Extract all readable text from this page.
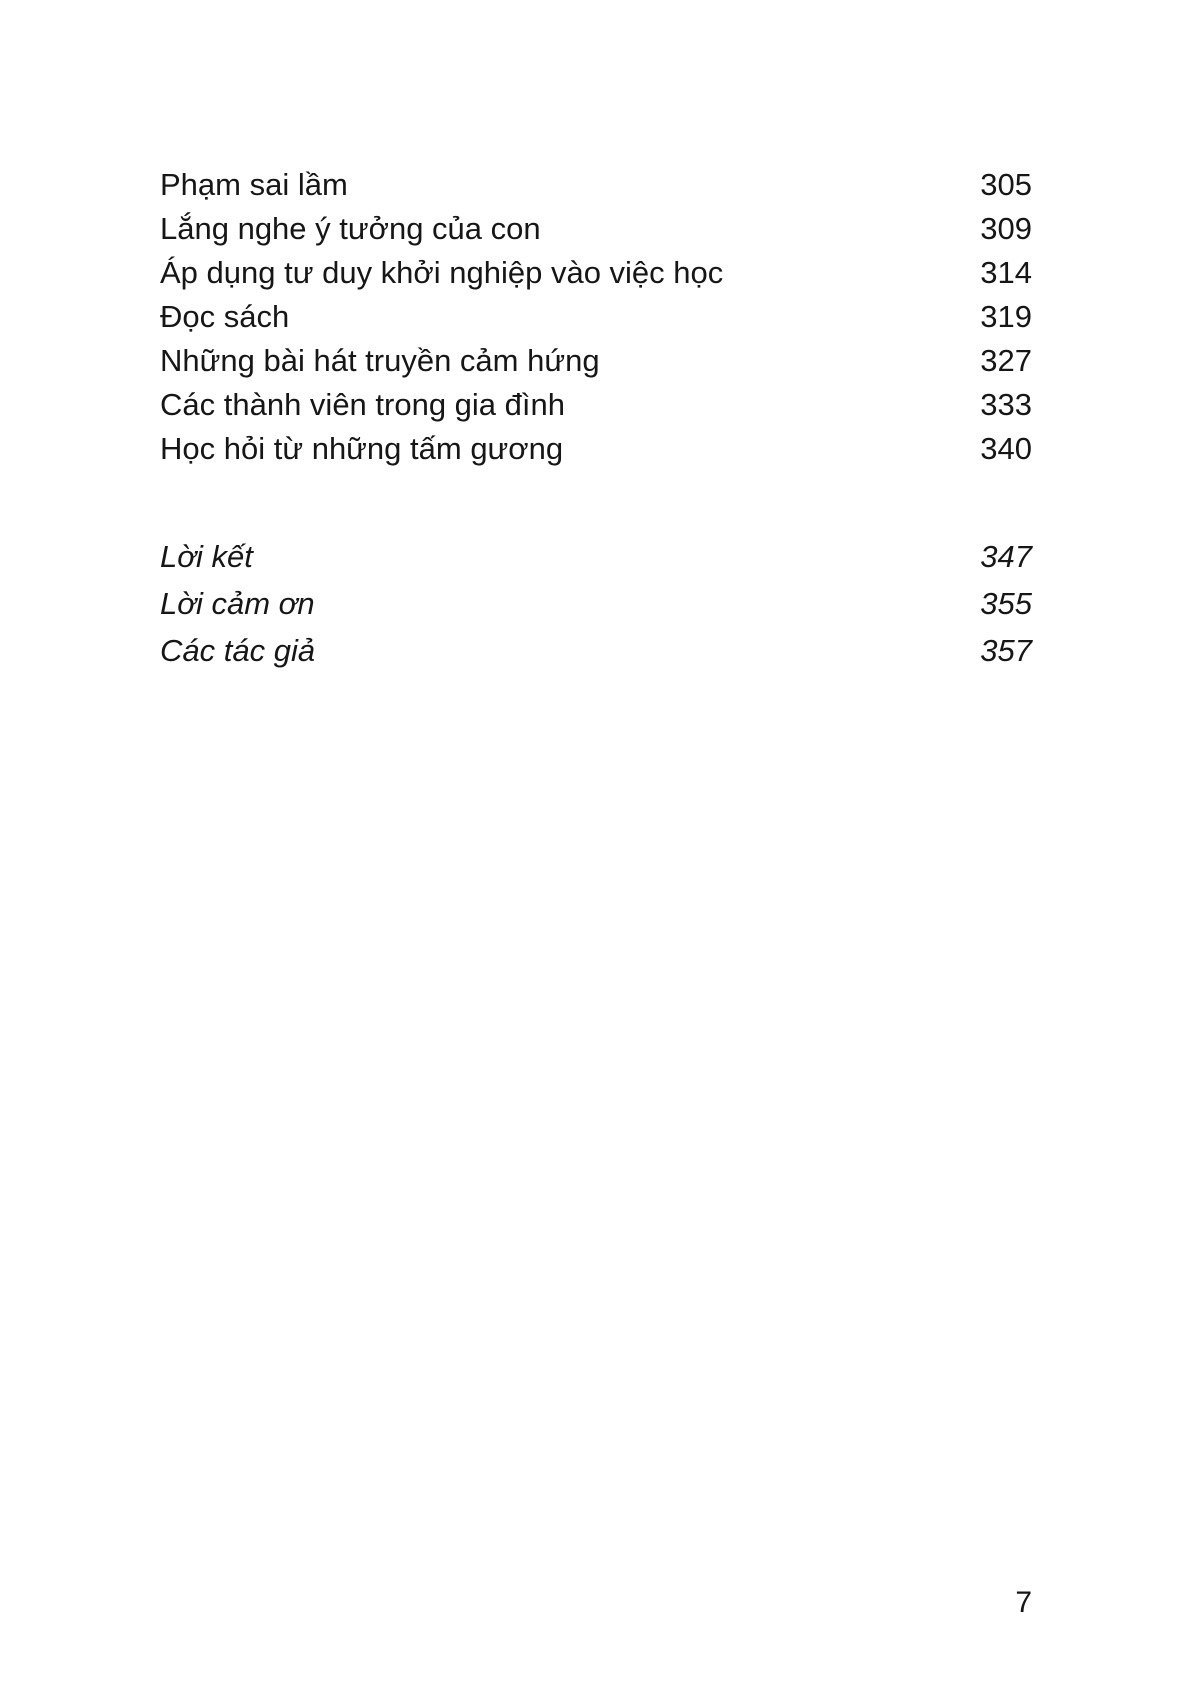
Phạm sai lầm	305
Lắng nghe ý tưởng của con	309
Áp dụng tư duy khởi nghiệp vào việc học	314
Đọc sách	319
Những bài hát truyền cảm hứng	327
Các thành viên trong gia đình	333
Học hỏi từ những tấm gương	340
Lời kết	347
Lời cảm ơn	355
Các tác giả	357
7
